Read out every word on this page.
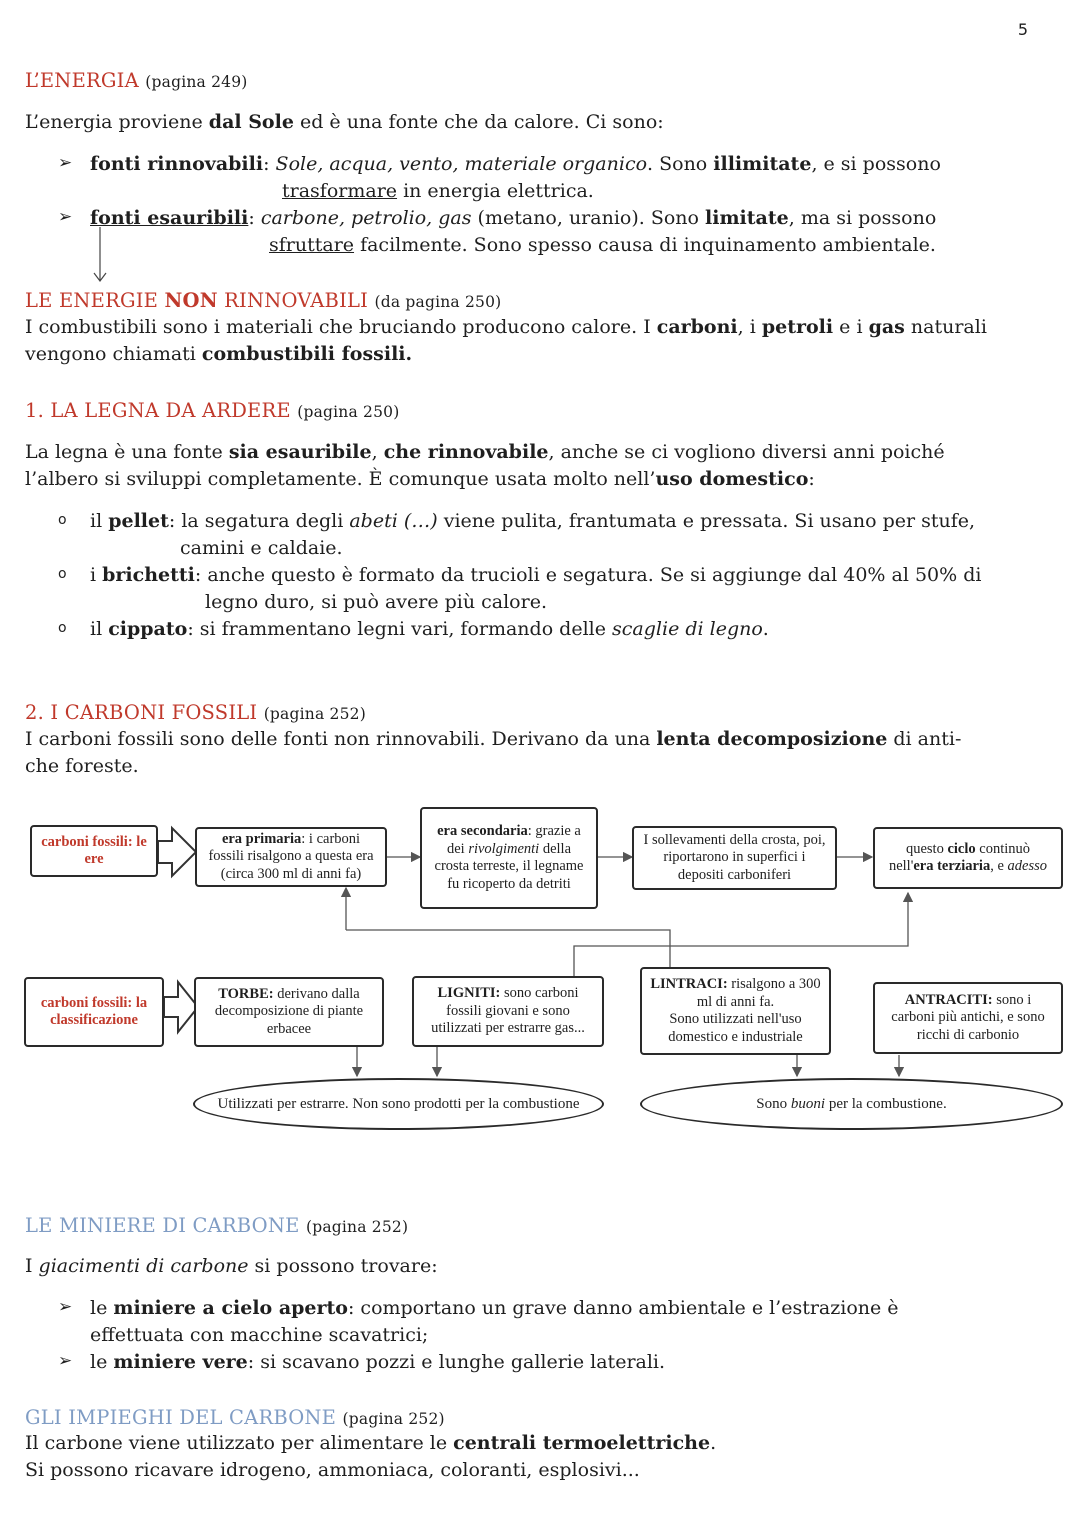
5
L’ENERGIA (pagina 249)
L’energia proviene dal Sole ed è una fonte che da calore. Ci sono:
➢ fonti rinnovabili: Sole, acqua, vento, materiale organico. Sono illimitate, e si possono
trasformare in energia elettrica.
➢ fonti esauribili: carbone, petrolio, gas (metano, uranio). Sono limitate, ma si possono
sfruttare facilmente. Sono spesso causa di inquinamento ambientale.
LE ENERGIE NON RINNOVABILI (da pagina 250)
I combustibili sono i materiali che bruciando producono calore. I carboni, i petroli e i gas naturali
vengono chiamati combustibili fossili.
1. LA LEGNA DA ARDERE (pagina 250)
La legna è una fonte sia esauribile, che rinnovabile, anche se ci vogliono diversi anni poiché
l’albero si sviluppi completamente. È comunque usata molto nell’uso domestico:
o il pellet: la segatura degli abeti (…) viene pulita, frantumata e pressata. Si usano per stufe,
camini e caldaie.
o i brichetti: anche questo è formato da trucioli e segatura. Se si aggiunge dal 40% al 50% di
legno duro, si può avere più calore.
o il cippato: si frammentano legni vari, formando delle scaglie di legno.
2. I CARBONI FOSSILI (pagina 252)
I carboni fossili sono delle fonti non rinnovabili. Derivano da una lenta decomposizione di anti-
che foreste.
carboni fossili: le ere
era primaria: i carboni fossili risalgono a questa era (circa 300 ml di anni fa)
era secondaria: grazie a dei rivolgimenti della crosta terreste, il legname fu ricoperto da detriti
I sollevamenti della crosta, poi, riportarono in superfici i depositi carboniferi
questo ciclo continuò nell'era terziaria, e adesso
carboni fossili: la classificazione
TORBE: derivano dalla decomposizione di piante erbacee
LIGNITI: sono carboni fossili giovani e sono utilizzati per estrarre gas...
LINTRACI: risalgono a 300 ml di anni fa.
Sono utilizzati nell'uso domestico e industriale
ANTRACITI: sono i carboni più antichi, e sono ricchi di carbonio
Utilizzati per estrarre. Non sono prodotti per la combustione	Sono buoni per la combustione.
LE MINIERE DI CARBONE (pagina 252)
I giacimenti di carbone si possono trovare:
➢ le miniere a cielo aperto: comportano un grave danno ambientale e l’estrazione è
effettuata con macchine scavatrici;
➢ le miniere vere: si scavano pozzi e lunghe gallerie laterali.
GLI IMPIEGHI DEL CARBONE (pagina 252)
Il carbone viene utilizzato per alimentare le centrali termoelettriche.
Si possono ricavare idrogeno, ammoniaca, coloranti, esplosivi...
